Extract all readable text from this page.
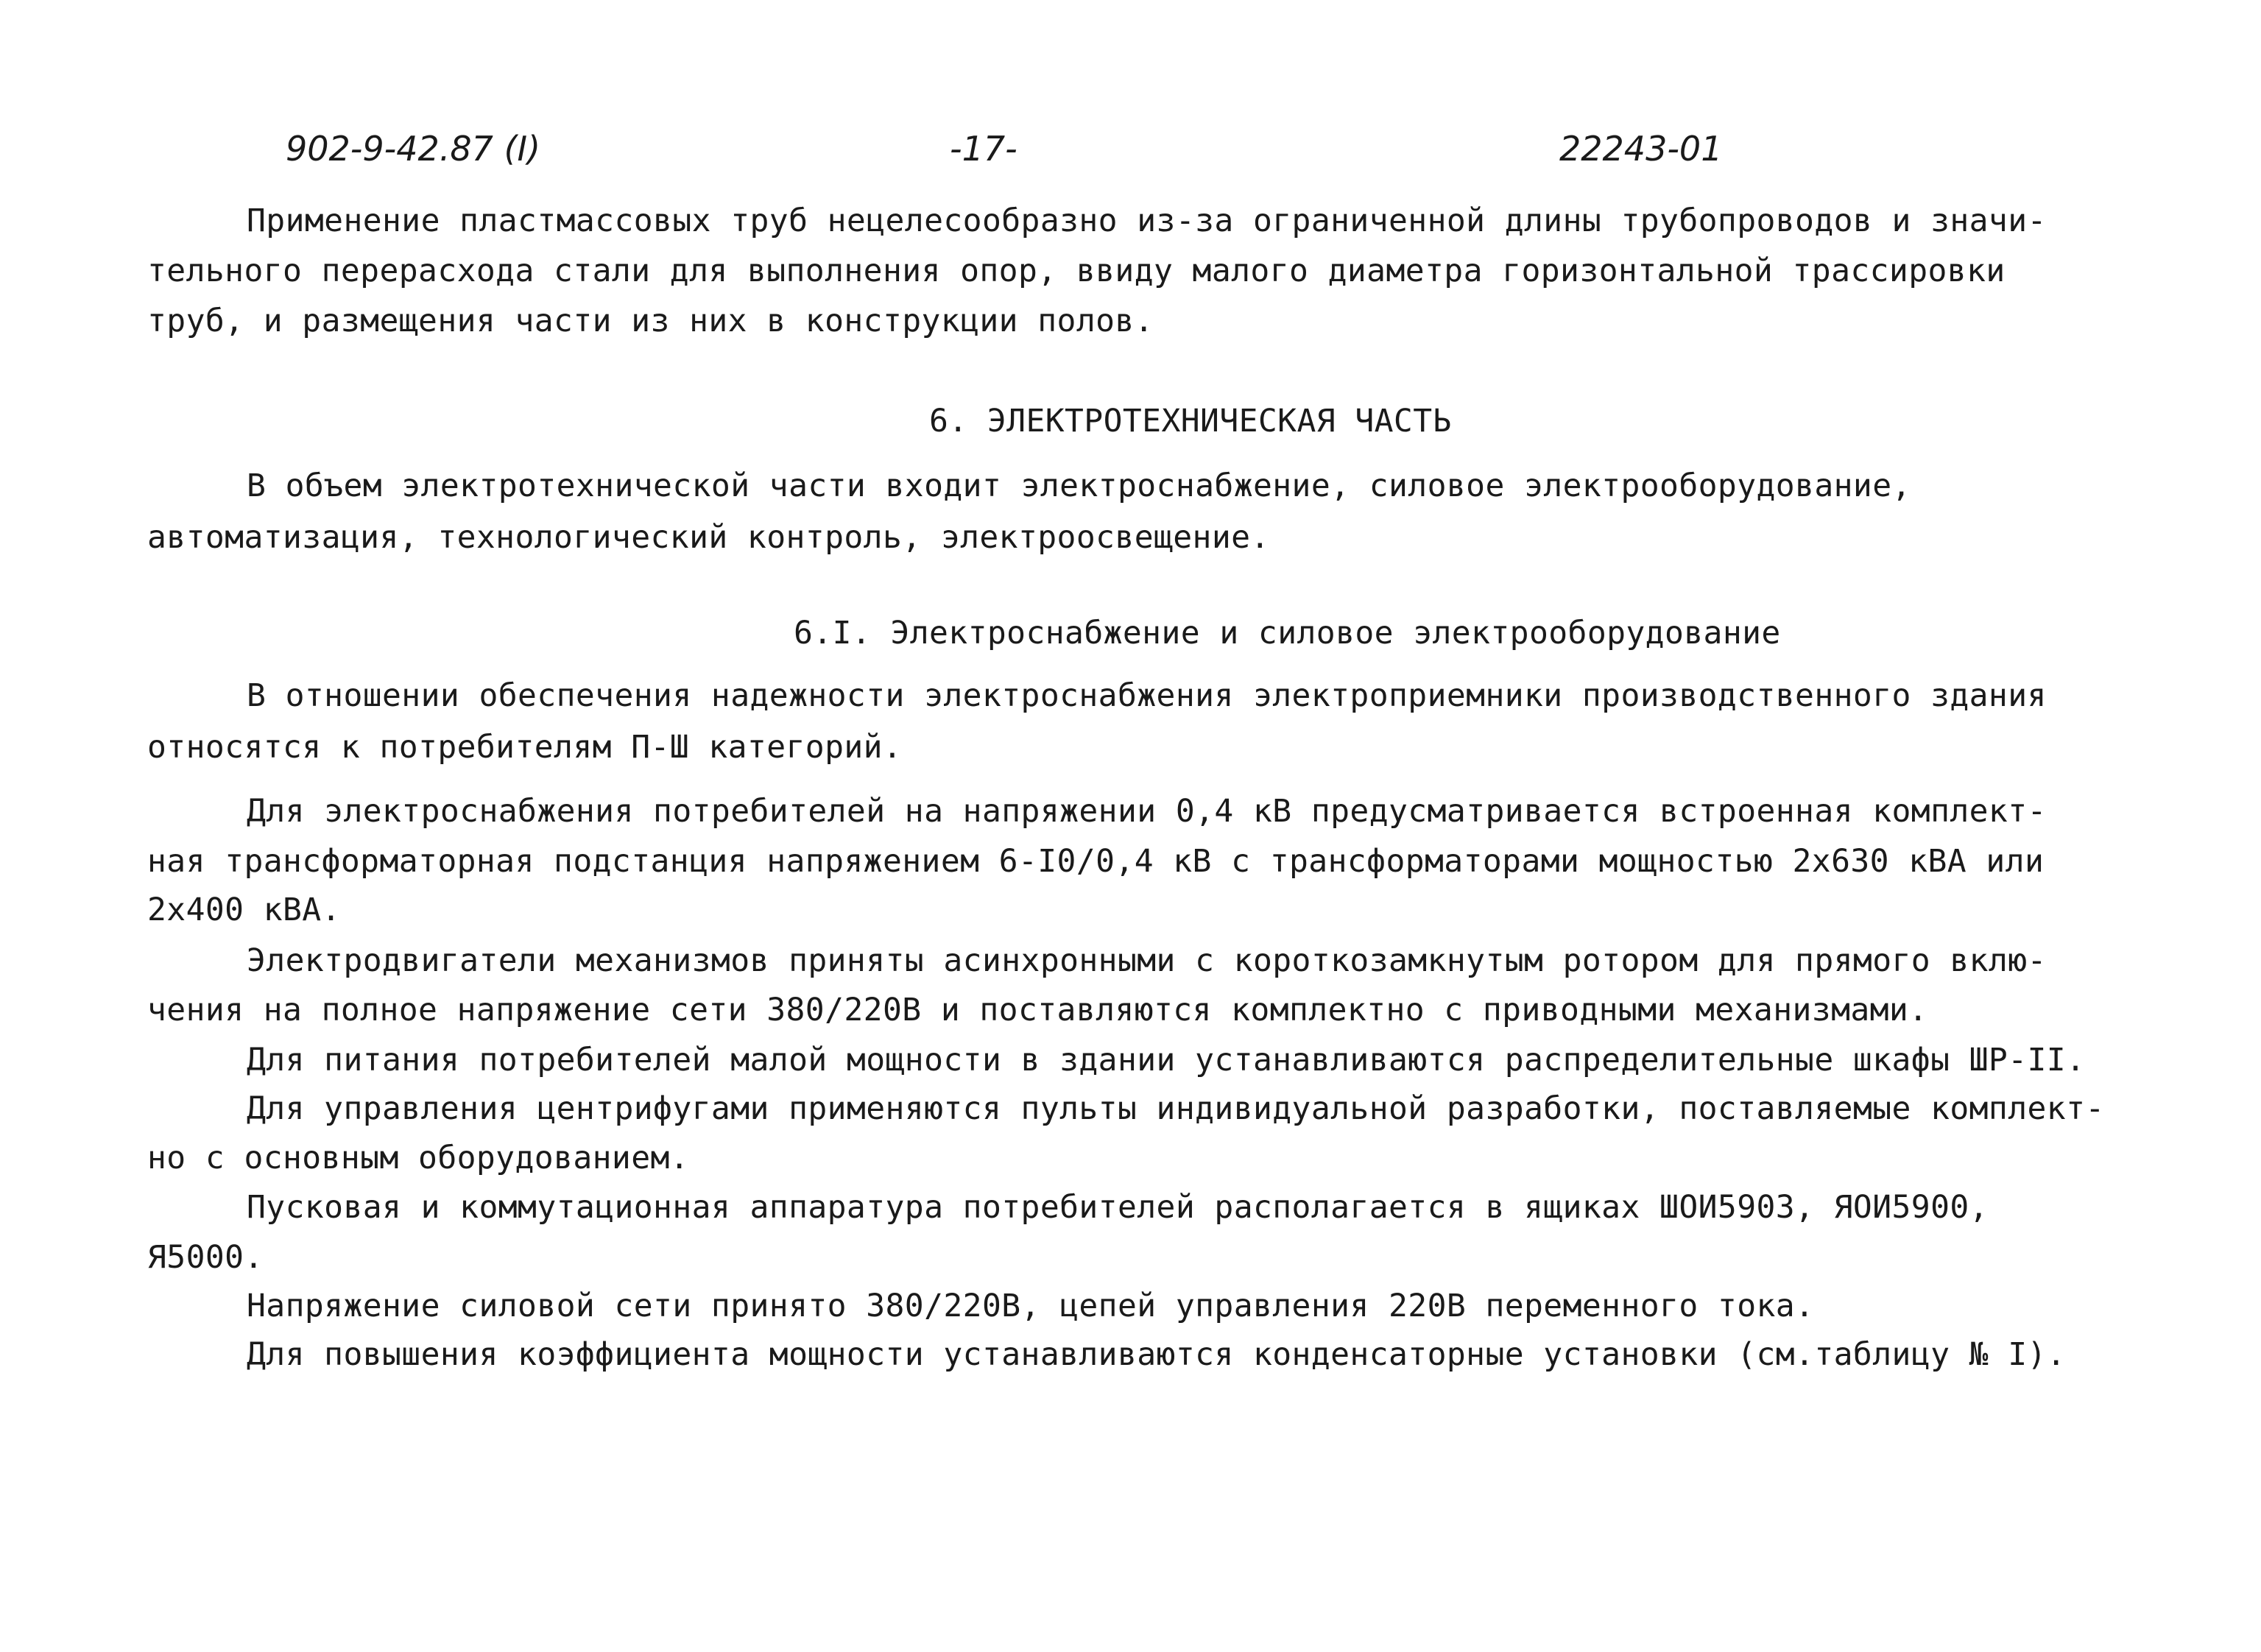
902-9-42.87 (I)	-17-	22243-01
Применение пластмассовых труб нецелесообразно из-за ограниченной длины трубопроводов и значи-
тельного перерасхода стали для выполнения опор, ввиду малого диаметра горизонтальной трассировки
труб, и размещения части из них в конструкции полов.
6. ЭЛЕКТРОТЕХНИЧЕСКАЯ ЧАСТЬ
В объем электротехнической части входит электроснабжение, силовое электрооборудование,
автоматизация, технологический контроль, электроосвещение.
6.I. Электроснабжение и силовое электрооборудование
В отношении обеспечения надежности электроснабжения электроприемники производственного здания
относятся к потребителям П-Ш категорий.
Для электроснабжения потребителей на напряжении 0,4 кВ предусматривается встроенная комплект-
ная трансформаторная подстанция напряжением 6-I0/0,4 кВ с трансформаторами мощностью 2х630 кВА или
2х400 кВА.
Электродвигатели механизмов приняты асинхронными с короткозамкнутым ротором для прямого вклю-
чения на полное напряжение сети 380/220В и поставляются комплектно с приводными механизмами.
Для питания потребителей малой мощности в здании устанавливаются распределительные шкафы ШР-II.
Для управления центрифугами применяются пульты индивидуальной разработки, поставляемые комплект-
но с основным оборудованием.
Пусковая и коммутационная аппаратура потребителей располагается в ящиках ШОИ5903, ЯОИ5900,
Я5000.
Напряжение силовой сети принято 380/220В, цепей управления 220В переменного тока.
Для повышения коэффициента мощности устанавливаются конденсаторные установки (см.таблицу № I).
